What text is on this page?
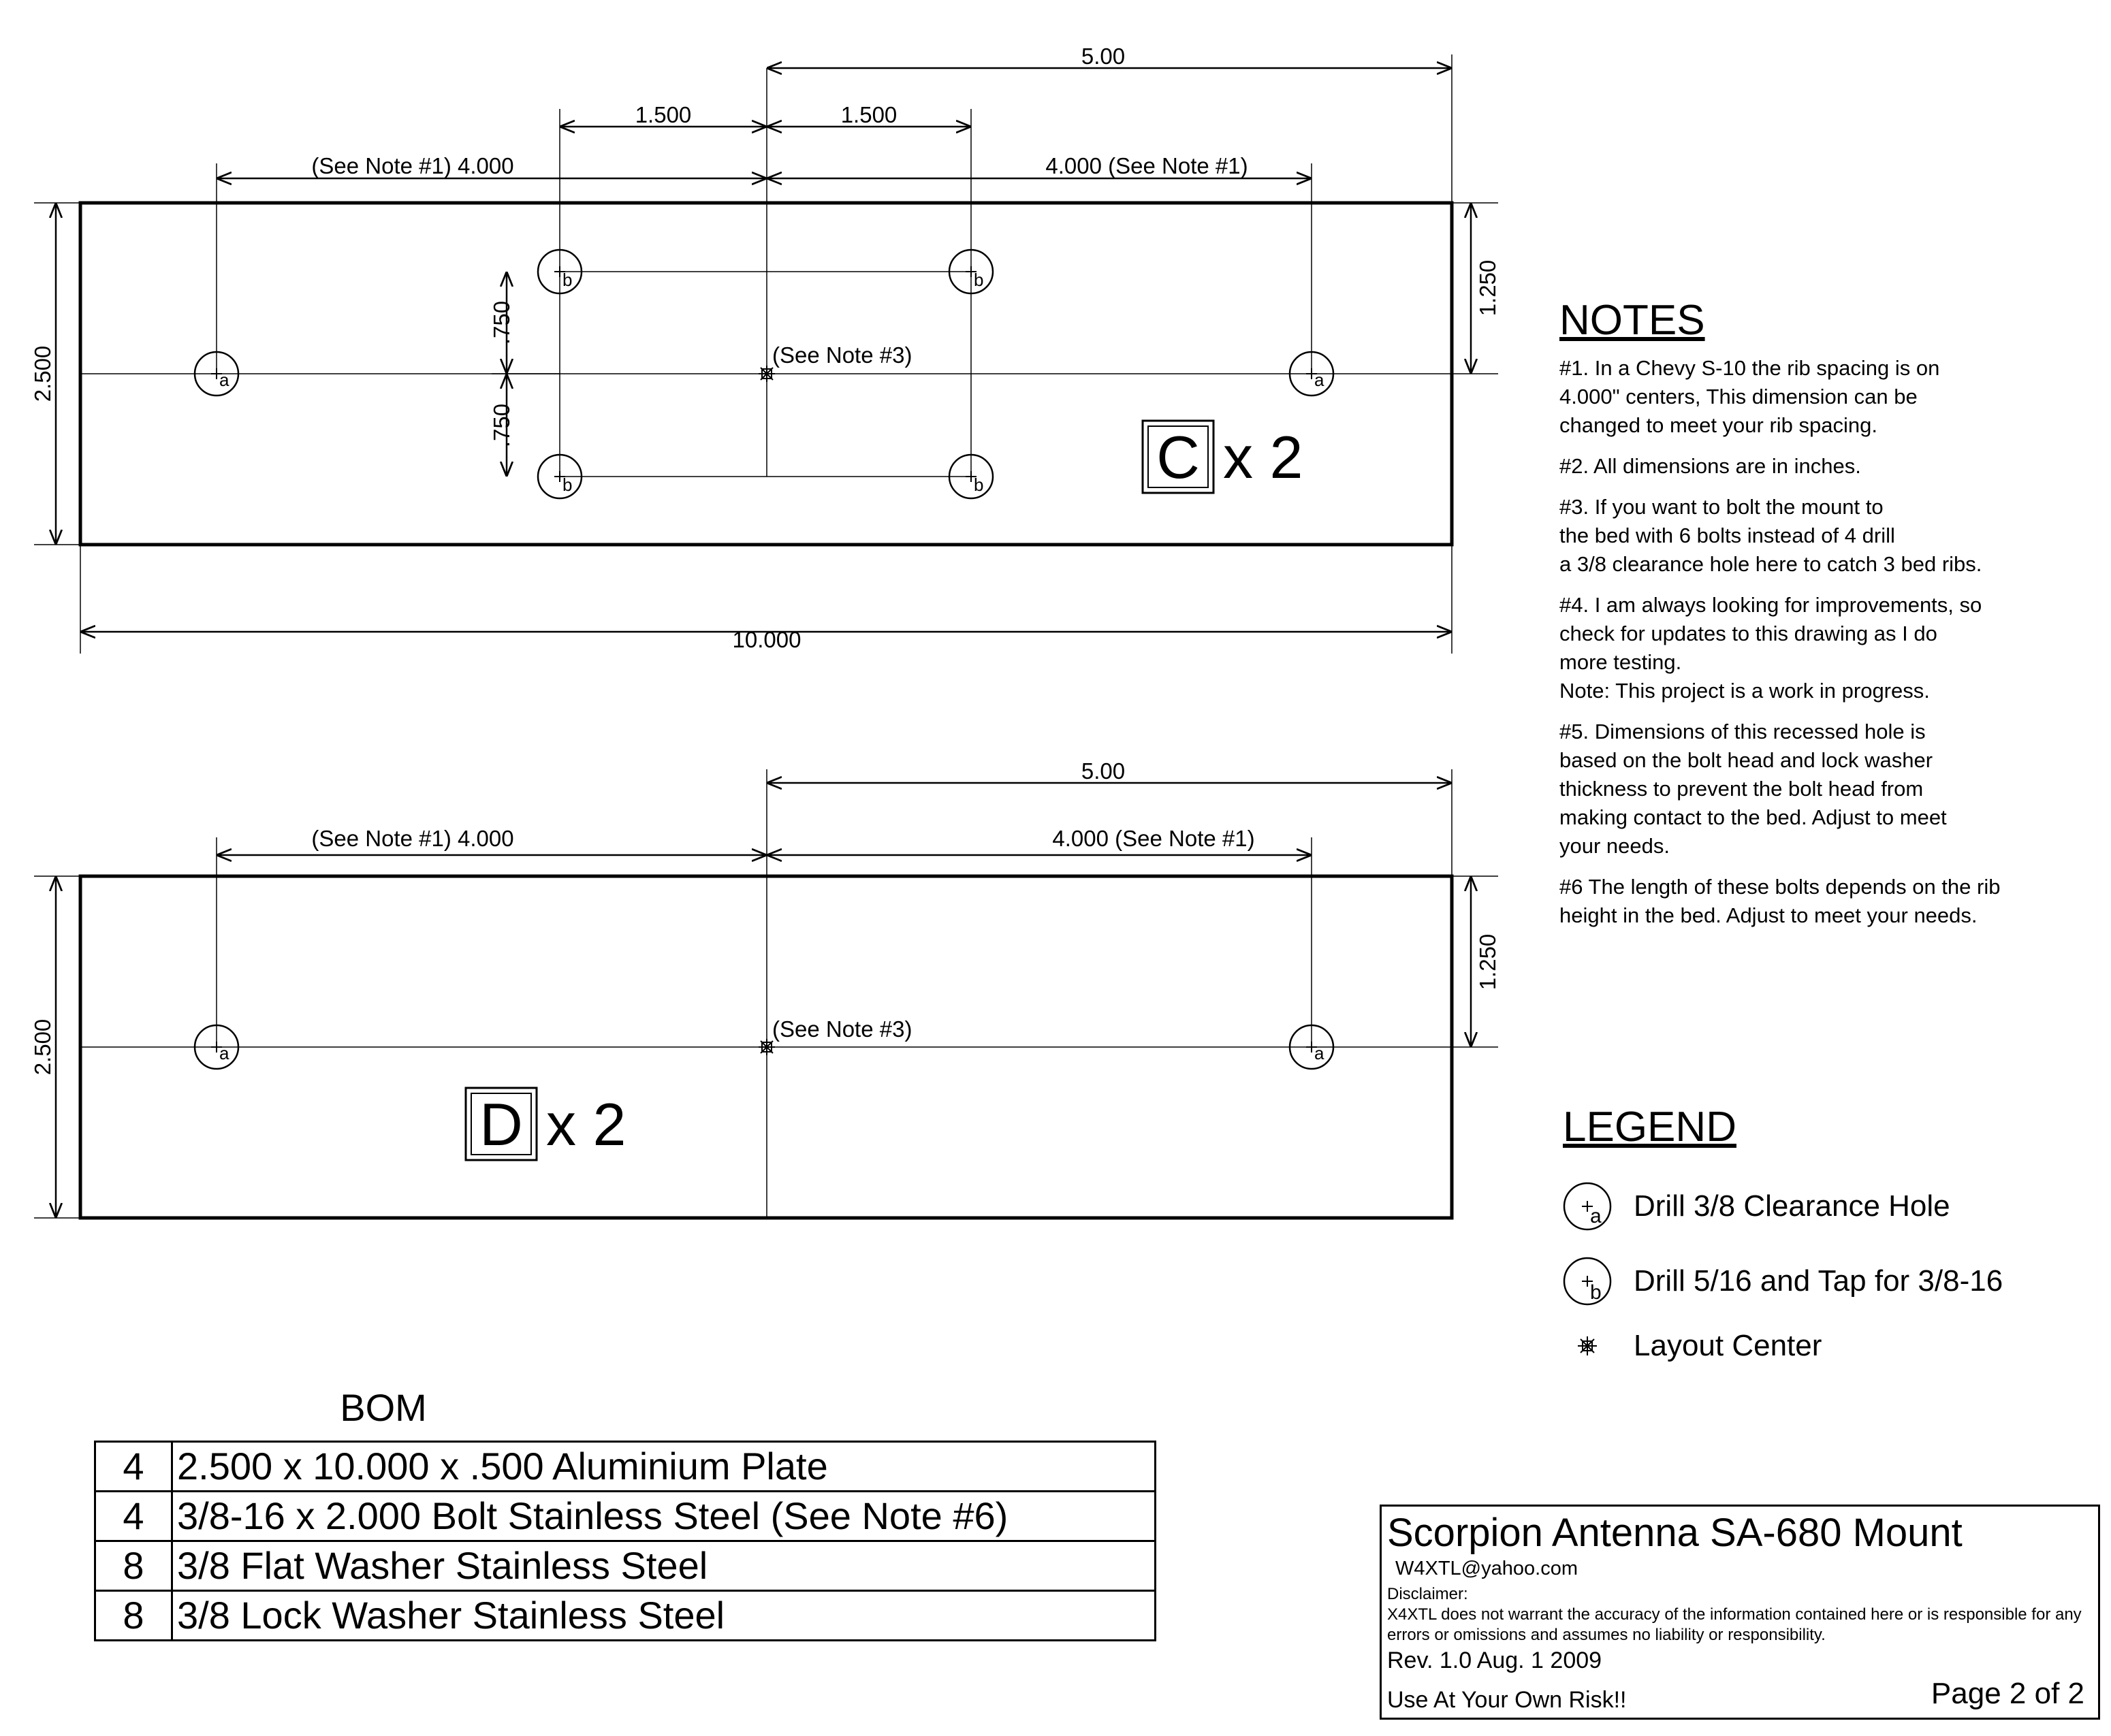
a	a
b	b
b	b
5.00
1.500	1.500
(See Note #1) 4.000	4.000 (See Note #1)
(See Note #3)
10.000
2.500
1.250
.750
.750	C x 2
a	a
5.00
(See Note #1) 4.000	4.000 (See Note #1)
(See Note #3)
2.500
1.250
D x 2
NOTES
#1. In a Chevy S-10 the rib spacing is on
4.000" centers, This dimension can be
changed to meet your rib spacing.
#2. All dimensions are in inches.
#3. If you want to bolt the mount to
the bed with 6 bolts instead of 4 drill
a 3/8 clearance hole here to catch 3 bed ribs.
#4. I am always looking for improvements, so
check for updates to this drawing as I do
more testing.
Note: This project is a work in progress.
#5. Dimensions of this recessed hole is
based on the bolt head and lock washer
thickness to prevent the bolt head from
making contact to the bed. Adjust to meet
your needs.
#6 The length of these bolts depends on the rib
height in the bed. Adjust to meet your needs.
LEGEND
a Drill 3/8 Clearance Hole
b Drill 5/16 and Tap for 3/8-16
Layout Center
BOM
4	2.500 x 10.000 x .500 Aluminium Plate
4	3/8-16 x 2.000 Bolt Stainless Steel (See Note #6)
8	3/8 Flat Washer Stainless Steel
8	3/8 Lock Washer Stainless Steel
Scorpion Antenna SA-680 Mount
W4XTL@yahoo.com
Disclaimer:
X4XTL does not warrant the accuracy of the information contained here or is responsible for any errors or omissions and assumes no liability or responsibility.
Rev. 1.0 Aug. 1 2009
Use At Your Own Risk!!	Page 2 of 2
